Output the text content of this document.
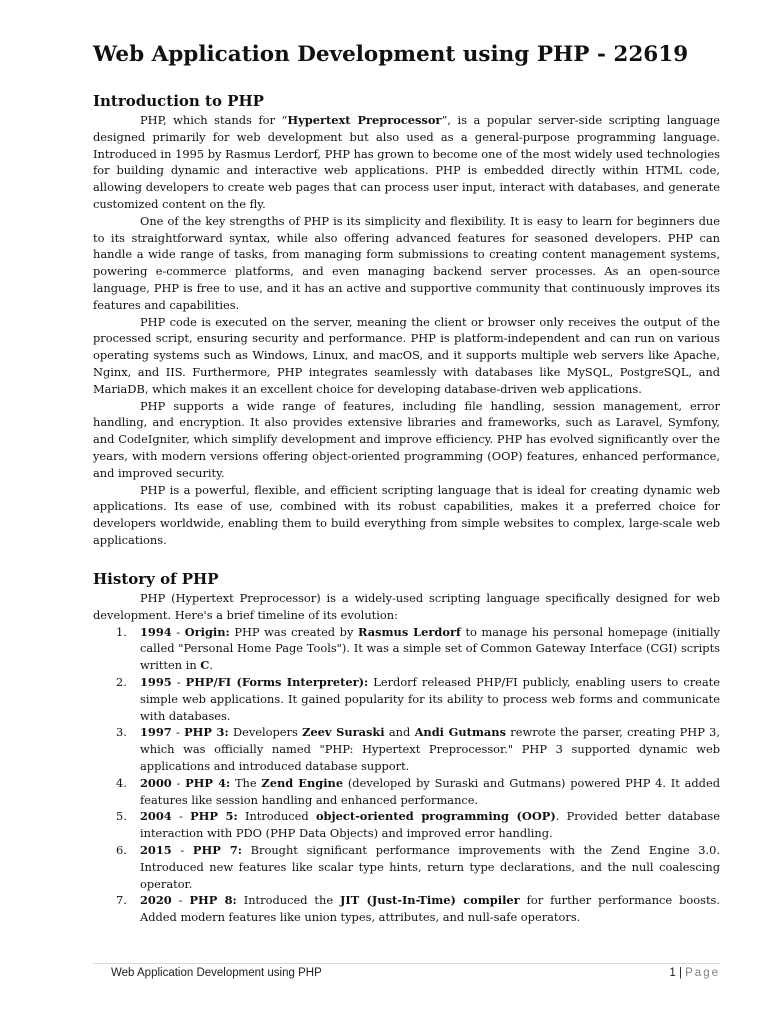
Web Application Development using PHP - 22619
Introduction to PHP

PHP, which stands for “Hypertext Preprocessor”, is a popular server-side scripting language designed primarily for web development but also used as a general-purpose programming language. Introduced in 1995 by Rasmus Lerdorf, PHP has grown to become one of the most widely used technologies for building dynamic and interactive web applications. PHP is embedded directly within HTML code, allowing developers to create web pages that can process user input, interact with databases, and generate customized content on the fly.

One of the key strengths of PHP is its simplicity and flexibility. It is easy to learn for beginners due to its straightforward syntax, while also offering advanced features for seasoned developers. PHP can handle a wide range of tasks, from managing form submissions to creating content management systems, powering e-commerce platforms, and even managing backend server processes. As an open-source language, PHP is free to use, and it has an active and supportive community that continuously improves its features and capabilities.

PHP code is executed on the server, meaning the client or browser only receives the output of the processed script, ensuring security and performance. PHP is platform-independent and can run on various operating systems such as Windows, Linux, and macOS, and it supports multiple web servers like Apache, Nginx, and IIS. Furthermore, PHP integrates seamlessly with databases like MySQL, PostgreSQL, and MariaDB, which makes it an excellent choice for developing database-driven web applications.

PHP supports a wide range of features, including file handling, session management, error handling, and encryption. It also provides extensive libraries and frameworks, such as Laravel, Symfony, and CodeIgniter, which simplify development and improve efficiency. PHP has evolved significantly over the years, with modern versions offering object-oriented programming (OOP) features, enhanced performance, and improved security.

PHP is a powerful, flexible, and efficient scripting language that is ideal for creating dynamic web applications. Its ease of use, combined with its robust capabilities, makes it a preferred choice for developers worldwide, enabling them to build everything from simple websites to complex, large-scale web applications.

History of PHP

PHP (Hypertext Preprocessor) is a widely-used scripting language specifically designed for web development. Here's a brief timeline of its evolution:

1. 1994 - Origin: PHP was created by Rasmus Lerdorf to manage his personal homepage (initially called "Personal Home Page Tools"). It was a simple set of Common Gateway Interface (CGI) scripts written in C.
2. 1995 - PHP/FI (Forms Interpreter): Lerdorf released PHP/FI publicly, enabling users to create simple web applications. It gained popularity for its ability to process web forms and communicate with databases.
3. 1997 - PHP 3: Developers Zeev Suraski and Andi Gutmans rewrote the parser, creating PHP 3, which was officially named "PHP: Hypertext Preprocessor." PHP 3 supported dynamic web applications and introduced database support.
4. 2000 - PHP 4: The Zend Engine (developed by Suraski and Gutmans) powered PHP 4. It added features like session handling and enhanced performance.
5. 2004 - PHP 5: Introduced object-oriented programming (OOP). Provided better database interaction with PDO (PHP Data Objects) and improved error handling.
6. 2015 - PHP 7: Brought significant performance improvements with the Zend Engine 3.0. Introduced new features like scalar type hints, return type declarations, and the null coalescing operator.
7. 2020 - PHP 8: Introduced the JIT (Just-In-Time) compiler for further performance boosts. Added modern features like union types, attributes, and null-safe operators.
Web Application Development using PHP	1 | Page
